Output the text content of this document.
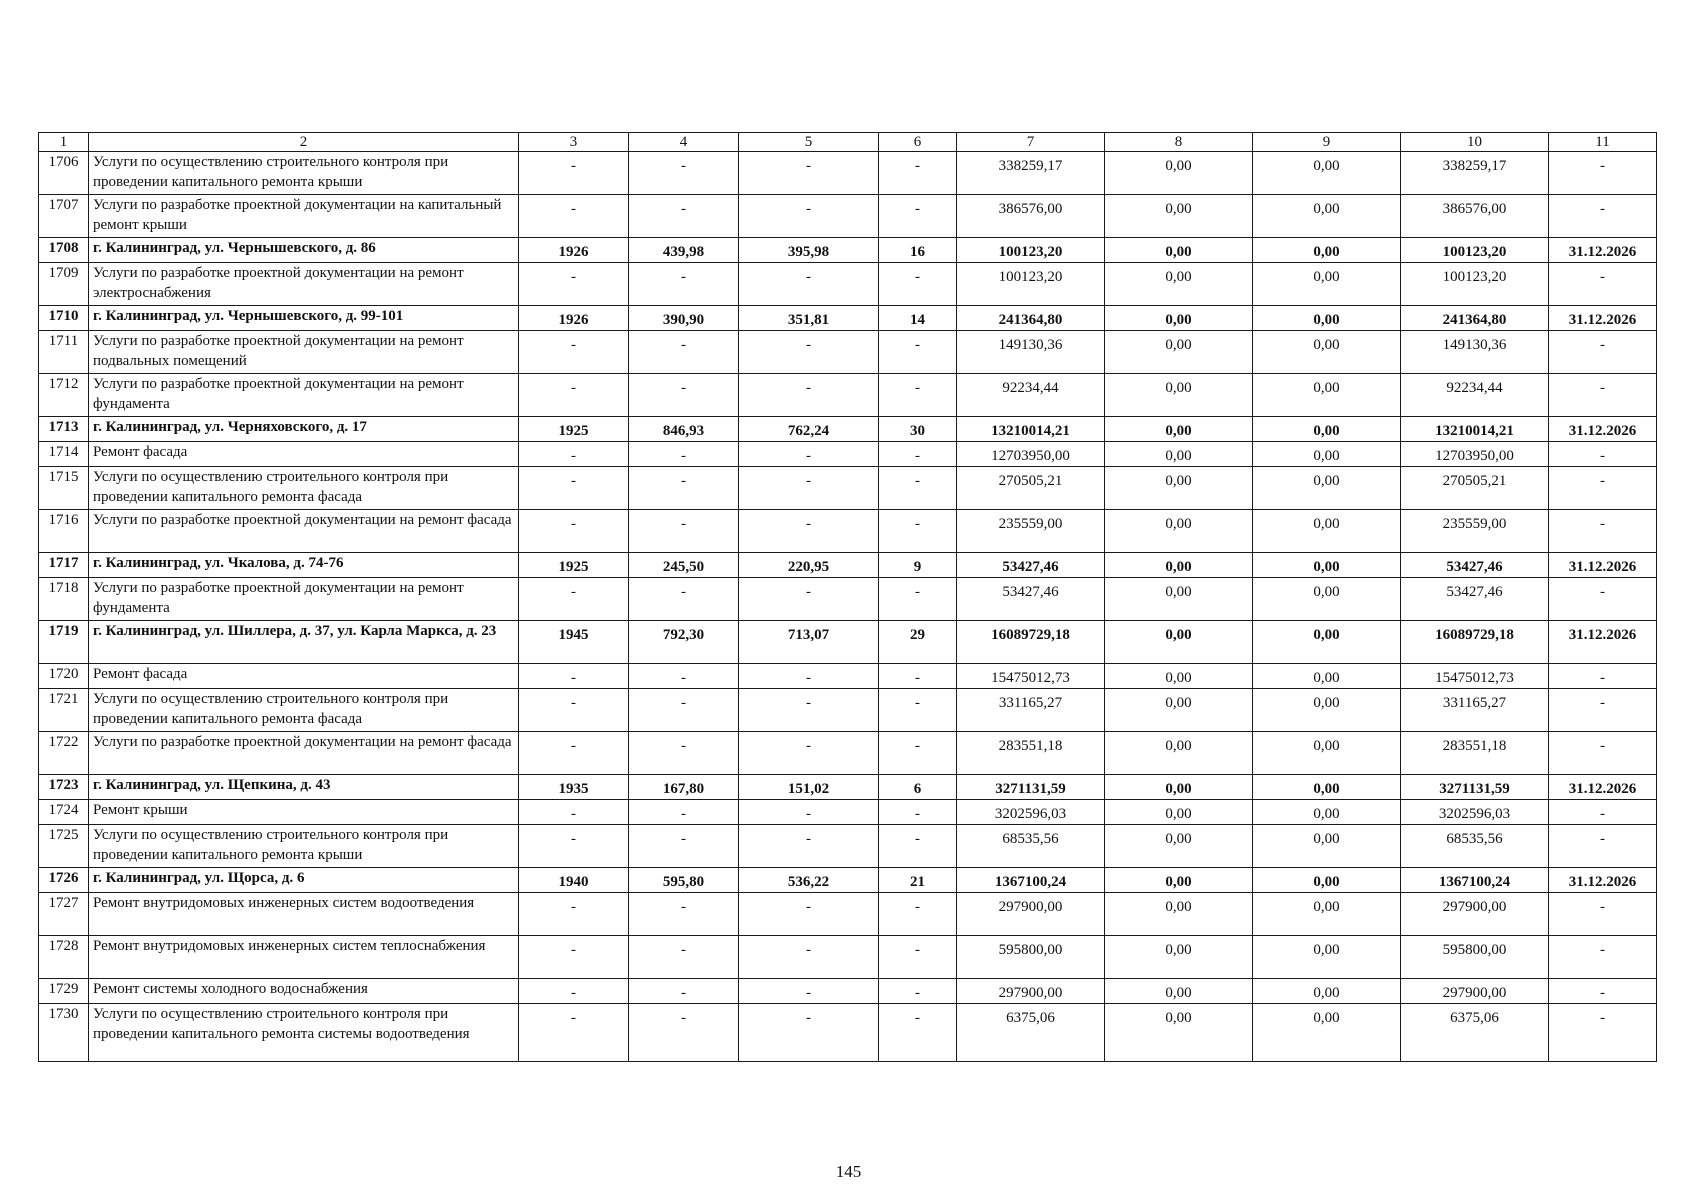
1	2	3	4	5	6	7	8	9	10	11
1706	Услуги по осуществлению строительного контроля при проведении капитального ремонта крыши	-	-	-	-	338259,17	0,00	0,00	338259,17	-

1707	Услуги по разработке проектной документации на капитальный ремонт крыши	-	-	-	-	386576,00	0,00	0,00	386576,00	-

1708	г. Калининград, ул. Чернышевского, д. 86	1926	439,98	395,98	16	100123,20	0,00	0,00	100123,20	31.12.2026

1709	Услуги по разработке проектной документации на ремонт электроснабжения	-	-	-	-	100123,20	0,00	0,00	100123,20	-

1710	г. Калининград, ул. Чернышевского, д. 99-101	1926	390,90	351,81	14	241364,80	0,00	0,00	241364,80	31.12.2026

1711	Услуги по разработке проектной документации на ремонт подвальных помещений	-	-	-	-	149130,36	0,00	0,00	149130,36	-

1712	Услуги по разработке проектной документации на ремонт фундамента	-	-	-	-	92234,44	0,00	0,00	92234,44	-

1713	г. Калининград, ул. Черняховского, д. 17	1925	846,93	762,24	30	13210014,21	0,00	0,00	13210014,21	31.12.2026

1714	Ремонт фасада	-	-	-	-	12703950,00	0,00	0,00	12703950,00	-

1715	Услуги по осуществлению строительного контроля при проведении капитального ремонта фасада	-	-	-	-	270505,21	0,00	0,00	270505,21	-

1716	Услуги по разработке проектной документации на ремонт фасада	-	-	-	-	235559,00	0,00	0,00	235559,00	-

1717	г. Калининград, ул. Чкалова, д. 74-76	1925	245,50	220,95	9	53427,46	0,00	0,00	53427,46	31.12.2026

1718	Услуги по разработке проектной документации на ремонт фундамента	-	-	-	-	53427,46	0,00	0,00	53427,46	-

1719	г. Калининград, ул. Шиллера, д. 37, ул. Карла Маркса, д. 23	1945	792,30	713,07	29	16089729,18	0,00	0,00	16089729,18	31.12.2026

1720	Ремонт фасада	-	-	-	-	15475012,73	0,00	0,00	15475012,73	-

1721	Услуги по осуществлению строительного контроля при проведении капитального ремонта фасада	-	-	-	-	331165,27	0,00	0,00	331165,27	-

1722	Услуги по разработке проектной документации на ремонт фасада	-	-	-	-	283551,18	0,00	0,00	283551,18	-

1723	г. Калининград, ул. Щепкина, д. 43	1935	167,80	151,02	6	3271131,59	0,00	0,00	3271131,59	31.12.2026

1724	Ремонт крыши	-	-	-	-	3202596,03	0,00	0,00	3202596,03	-

1725	Услуги по осуществлению строительного контроля при проведении капитального ремонта крыши	-	-	-	-	68535,56	0,00	0,00	68535,56	-

1726	г. Калининград, ул. Щорса, д. 6	1940	595,80	536,22	21	1367100,24	0,00	0,00	1367100,24	31.12.2026

1727	Ремонт внутридомовых инженерных систем водоотведения	-	-	-	-	297900,00	0,00	0,00	297900,00	-

1728	Ремонт внутридомовых инженерных систем теплоснабжения	-	-	-	-	595800,00	0,00	0,00	595800,00	-

1729	Ремонт системы холодного водоснабжения	-	-	-	-	297900,00	0,00	0,00	297900,00	-

1730	Услуги по осуществлению строительного контроля при проведении капитального ремонта системы водоотведения	-	-	-	-	6375,06	0,00	0,00	6375,06	-
145
